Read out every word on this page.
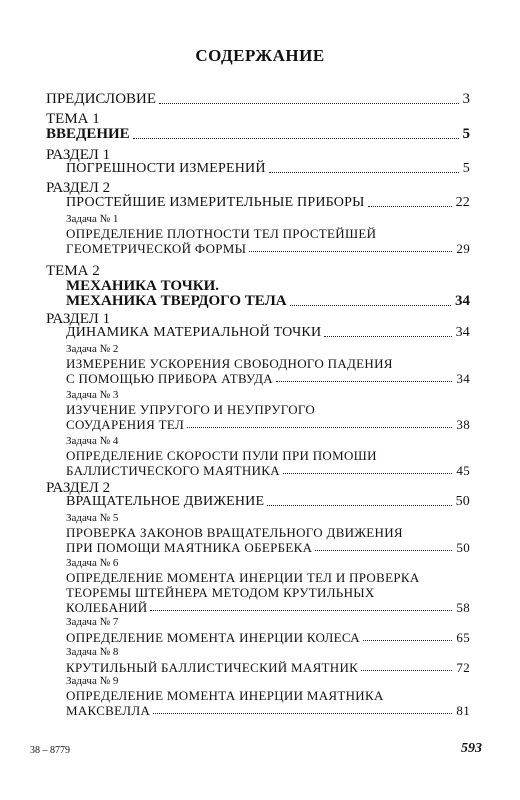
СОДЕРЖАНИЕ
ПРЕДИСЛОВИЕ	3
ТЕМА 1
ВВЕДЕНИЕ	5
РАЗДЕЛ 1
ПОГРЕШНОСТИ ИЗМЕРЕНИЙ	5
РАЗДЕЛ 2
ПРОСТЕЙШИЕ ИЗМЕРИТЕЛЬНЫЕ ПРИБОРЫ	22
Задача № 1
ОПРЕДЕЛЕНИЕ ПЛОТНОСТИ ТЕЛ ПРОСТЕЙШЕЙ
ГЕОМЕТРИЧЕСКОЙ ФОРМЫ	29
ТЕМА 2
МЕХАНИКА ТОЧКИ.
МЕХАНИКА ТВЕРДОГО ТЕЛА	34
РАЗДЕЛ 1
ДИНАМИКА МАТЕРИАЛЬНОЙ ТОЧКИ	34
Задача № 2
ИЗМЕРЕНИЕ УСКОРЕНИЯ СВОБОДНОГО ПАДЕНИЯ
С ПОМОЩЬЮ ПРИБОРА АТВУДА	34
Задача № 3
ИЗУЧЕНИЕ УПРУГОГО И НЕУПРУГОГО
СОУДАРЕНИЯ ТЕЛ	38
Задача № 4
ОПРЕДЕЛЕНИЕ СКОРОСТИ ПУЛИ ПРИ ПОМОШИ
БАЛЛИСТИЧЕСКОГО МАЯТНИКА	45
РАЗДЕЛ 2
ВРАЩАТЕЛЬНОЕ ДВИЖЕНИЕ	50
Задача № 5
ПРОВЕРКА ЗАКОНОВ ВРАЩАТЕЛЬНОГО ДВИЖЕНИЯ
ПРИ ПОМОЩИ МАЯТНИКА ОБЕРБЕКА	50
Задача № 6
ОПРЕДЕЛЕНИЕ МОМЕНТА ИНЕРЦИИ ТЕЛ И ПРОВЕРКА
ТЕОРЕМЫ ШТЕЙНЕРА МЕТОДОМ КРУТИЛЬНЫХ
КОЛЕБАНИЙ	58
Задача № 7
ОПРЕДЕЛЕНИЕ МОМЕНТА ИНЕРЦИИ КОЛЕСА	65
Задача № 8
КРУТИЛЬНЫЙ БАЛЛИСТИЧЕСКИЙ МАЯТНИК	72
Задача № 9
ОПРЕДЕЛЕНИЕ МОМЕНТА ИНЕРЦИИ МАЯТНИКА
МАКСВЕЛЛА	81
38 – 8779	593
